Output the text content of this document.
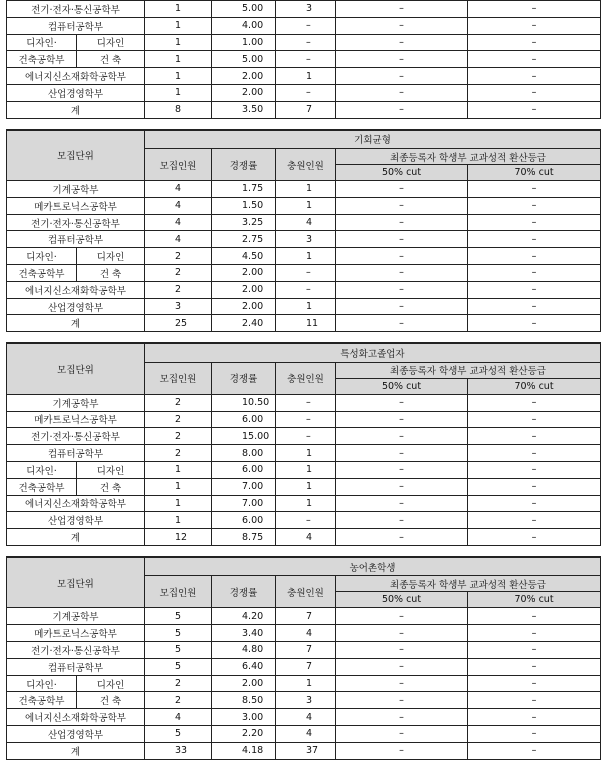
전기·전자·통신공학부		1	5.00	3	–	–
컴퓨터공학부		1	4.00	–	–	–
디자인·	디자인	1	1.00	–	–	–
건축공학부	건 축	1	5.00	–	–	–
에너지신소재화학공학부		1	2.00	1	–	–
산업경영학부		1	2.00	–	–	–
계		8	3.50	7	–	–
모집단위		기회균형				
		모집인원	경쟁률	충원인원	최종등록자 학생부 교과성적 환산등급	
					50% cut	70% cut
기계공학부		4	1.75	1	–	–
메카트로닉스공학부		4	1.50	1	–	–
전기·전자·통신공학부		4	3.25	4	–	–
컴퓨터공학부		4	2.75	3	–	–
디자인·	디자인	2	4.50	1	–	–
건축공학부	건 축	2	2.00	–	–	–
에너지신소재화학공학부		2	2.00	–	–	–
산업경영학부		3	2.00	1	–	–
계		25	2.40	11	–	–
모집단위		특성화고졸업자				
		모집인원	경쟁률	충원인원	최종등록자 학생부 교과성적 환산등급	
					50% cut	70% cut
기계공학부		2	10.50	–	–	–
메카트로닉스공학부		2	6.00	–	–	–
전기·전자·통신공학부		2	15.00	–	–	–
컴퓨터공학부		2	8.00	1	–	–
디자인·	디자인	1	6.00	1	–	–
건축공학부	건 축	1	7.00	1	–	–
에너지신소재화학공학부		1	7.00	1	–	–
산업경영학부		1	6.00	–	–	–
계		12	8.75	4	–	–
모집단위		농어촌학생				
		모집인원	경쟁률	충원인원	최종등록자 학생부 교과성적 환산등급	
					50% cut	70% cut
기계공학부		5	4.20	7	–	–
메카트로닉스공학부		5	3.40	4	–	–
전기·전자·통신공학부		5	4.80	7	–	–
컴퓨터공학부		5	6.40	7	–	–
디자인·	디자인	2	2.00	1	–	–
건축공학부	건 축	2	8.50	3	–	–
에너지신소재화학공학부		4	3.00	4	–	–
산업경영학부		5	2.20	4	–	–
계		33	4.18	37	–	–
